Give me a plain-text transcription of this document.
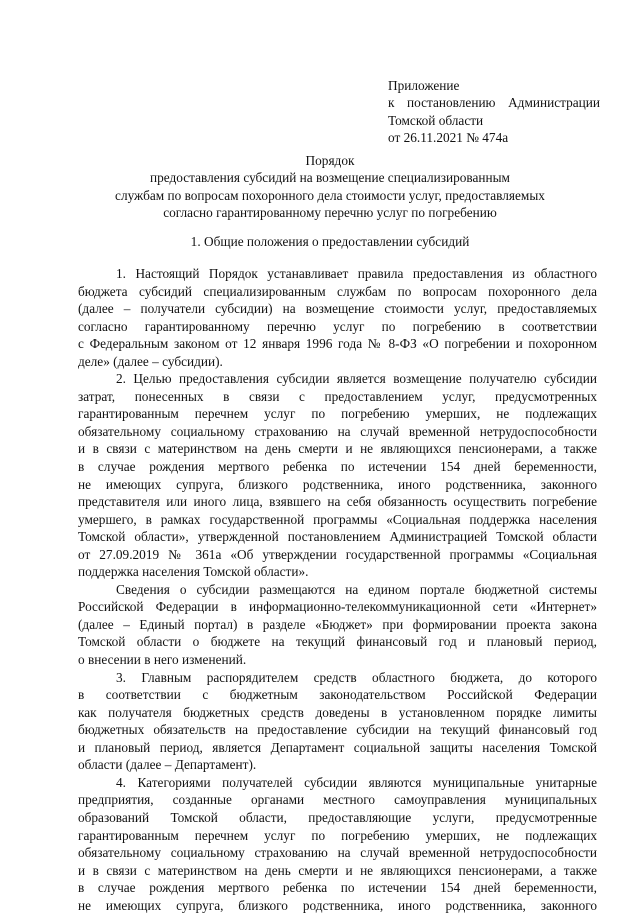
Приложение
к постановлению Администрации
Томской области
от 26.11.2021 № 474а
Порядок
предоставления субсидий на возмещение специализированным
службам по вопросам похоронного дела стоимости услуг, предоставляемых
согласно гарантированному перечню услуг по погребению
1. Общие положения о предоставлении субсидий
1. Настоящий Порядок устанавливает правила предоставления из областного
бюджета субсидий специализированным службам по вопросам похоронного дела
(далее – получатели субсидии) на возмещение стоимости услуг, предоставляемых
согласно гарантированному перечню услуг по погребению в соответствии
с Федеральным законом от 12 января 1996 года № 8-ФЗ «О погребении и похоронном
деле» (далее – субсидии).
2. Целью предоставления субсидии является возмещение получателю субсидии
затрат, понесенных в связи с предоставлением услуг, предусмотренных
гарантированным перечнем услуг по погребению умерших, не подлежащих
обязательному социальному страхованию на случай временной нетрудоспособности
и в связи с материнством на день смерти и не являющихся пенсионерами, а также
в случае рождения мертвого ребенка по истечении 154 дней беременности,
не имеющих супруга, близкого родственника, иного родственника, законного
представителя или иного лица, взявшего на себя обязанность осуществить погребение
умершего, в рамках государственной программы «Социальная поддержка населения
Томской области», утвержденной постановлением Администрацией Томской области
от 27.09.2019 № 361а «Об утверждении государственной программы «Социальная
поддержка населения Томской области».
Сведения о субсидии размещаются на едином портале бюджетной системы
Российской Федерации в информационно-телекоммуникационной сети «Интернет»
(далее – Единый портал) в разделе «Бюджет» при формировании проекта закона
Томской области о бюджете на текущий финансовый год и плановый период,
о внесении в него изменений.
3. Главным распорядителем средств областного бюджета, до которого
в соответствии с бюджетным законодательством Российской Федерации
как получателя бюджетных средств доведены в установленном порядке лимиты
бюджетных обязательств на предоставление субсидии на текущий финансовый год
и плановый период, является Департамент социальной защиты населения Томской
области (далее – Департамент).
4. Категориями получателей субсидии являются муниципальные унитарные
предприятия, созданные органами местного самоуправления муниципальных
образований Томской области, предоставляющие услуги, предусмотренные
гарантированным перечнем услуг по погребению умерших, не подлежащих
обязательному социальному страхованию на случай временной нетрудоспособности
и в связи с материнством на день смерти и не являющихся пенсионерами, а также
в случае рождения мертвого ребенка по истечении 154 дней беременности,
не имеющих супруга, близкого родственника, иного родственника, законного
